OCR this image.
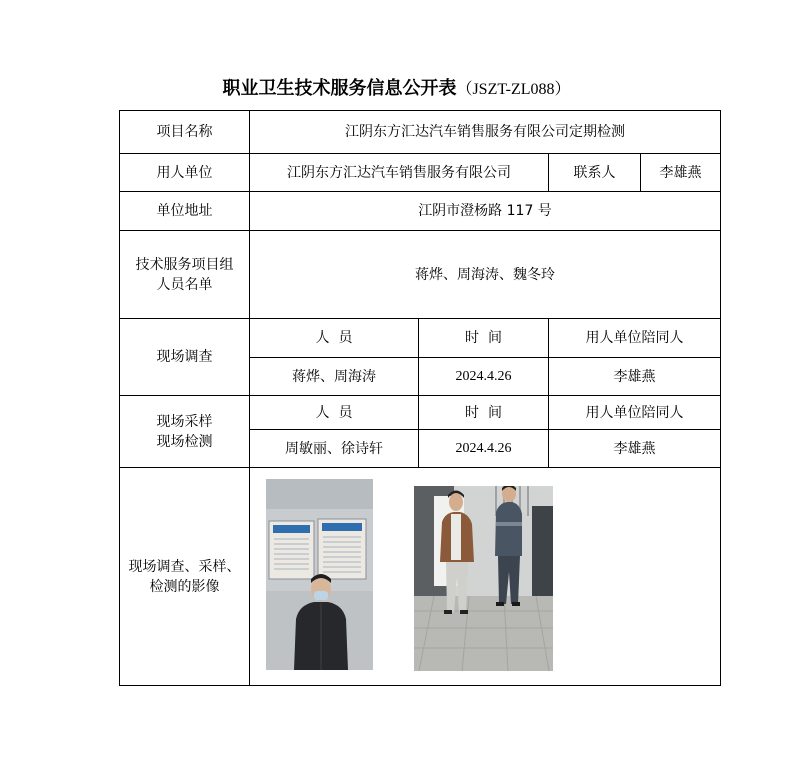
职业卫生技术服务信息公开表（JSZT-ZL088）
项目名称	江阴东方汇达汽车销售服务有限公司定期检测			
用人单位	江阴东方汇达汽车销售服务有限公司		联系人	李雄燕
单位地址	江阴市澄杨路 117 号			

技术服务项目组
人员名单	蒋烨、周海涛、魏冬玲			
现场调查	人  员	时  间	用人单位陪同人	
	蒋烨、周海涛	2024.4.26	李雄燕	

现场采样
现场检测	人  员	时  间	用人单位陪同人	
	周敏丽、徐诗轩	2024.4.26	李雄燕	

现场调查、采样、
检测的影像				
